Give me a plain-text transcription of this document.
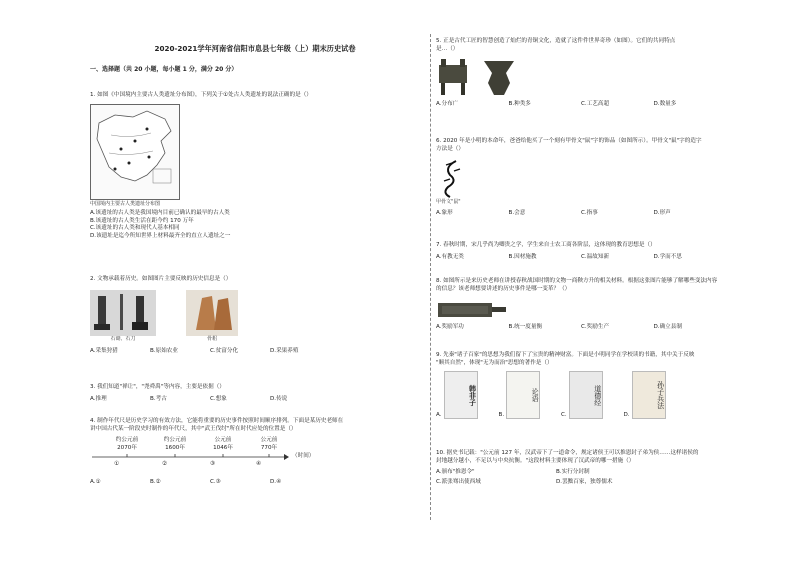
2020-2021学年河南省信阳市息县七年级（上）期末历史试卷
一、选择题（共 20 小题，每小题 1 分，满分 20 分）
1. 如图《中国境内主要古人类遗址分布图》，下列关于①处古人类遗址的说法正确的是（）
中国境内主要古人类遗址分布图
A.该遗址的古人类是我国境内目前已确认的最早的古人类
B.该遗址的古人类生活在距今约 170 万年
C.该遗址的古人类和现代人基本相同
D.该遗址是迄今所知世界上材料最齐全的直立人遗址之一
2. 文物承载着历史。如图图片主要反映的历史信息是（）
石锄、石刀	骨耜
A.采集狩猎	B.原始农业	C.贫富分化	D.采果养殖
3. 我们知道"禅让"，"尧舜禹"等内容，主要是依据（）
A.推理	B.考古	C.想象	D.传说
4. 制作年代尺是历史学习的有效方法，它能将重要的历史事件按照时间顺序排列。下面是某历史老师在
讲中国古代某一阶段史时制作的年代尺，其中"武王伐纣"所在时代应处的位置是（）
约公元前
2070年
约公元前
1600年
公元前
1046年
公元前
770年
（时间）
①	②	③	④
A.①	B.②	C.③	D.④
5. 正是古代工匠的智慧创造了灿烂的青铜文化，造就了这件件世界奇珍（如图）。它们的共同特点
是…（）
A.分布广	B.种类多	C.工艺高超	D.数量多
6. 2020 年是小明的本命年，爸爸给他买了一个刻有甲骨文"鼠"字的饰品（如图所示）。甲骨文"鼠"字的造字
方法是（）
甲骨文"鼠"
A.象形	B.会意	C.指事	D.形声
7. 春秋时期，宋几乎尚为卿贵之学，学生来自士农工商各阶层，这体现的教育思想是（）
A.有教无类	B.因材施教	C.温故知新	D.学而不思
8. 如图所示是来历史老师在讲授春秋战国时期的文物一商鞅方升的相关材料。根据这张图片能够了解哪些变法内容
的信息？该老师想要讲述的历史事件是哪一变革？（）
A.奖励军功	B.统一度量衡	C.奖励生产	D.确立县制
9. 先秦"诸子百家"的思想为我们留下了宝贵的精神财富。下面是小明同学在学校读的书籍，其中关于反映
"顺其自然"，体现"无为而治"思想的著作是（）
A.
韩非子
B.
论语
C.
道德经
D.
孙子兵法
10. 据史书记载："公元前 127 年，汉武帝下了一道命令，规定诸侯王可以推恩封子弟为侯……这样诸侯的
封地越分越小，不足以与中央抗衡。"这段材料主要体现了汉武帝的哪一措施（）
A.颁布"推恩令"	B.实行分封制
C.派张骞出使西域	D.罢黜百家，独尊儒术
